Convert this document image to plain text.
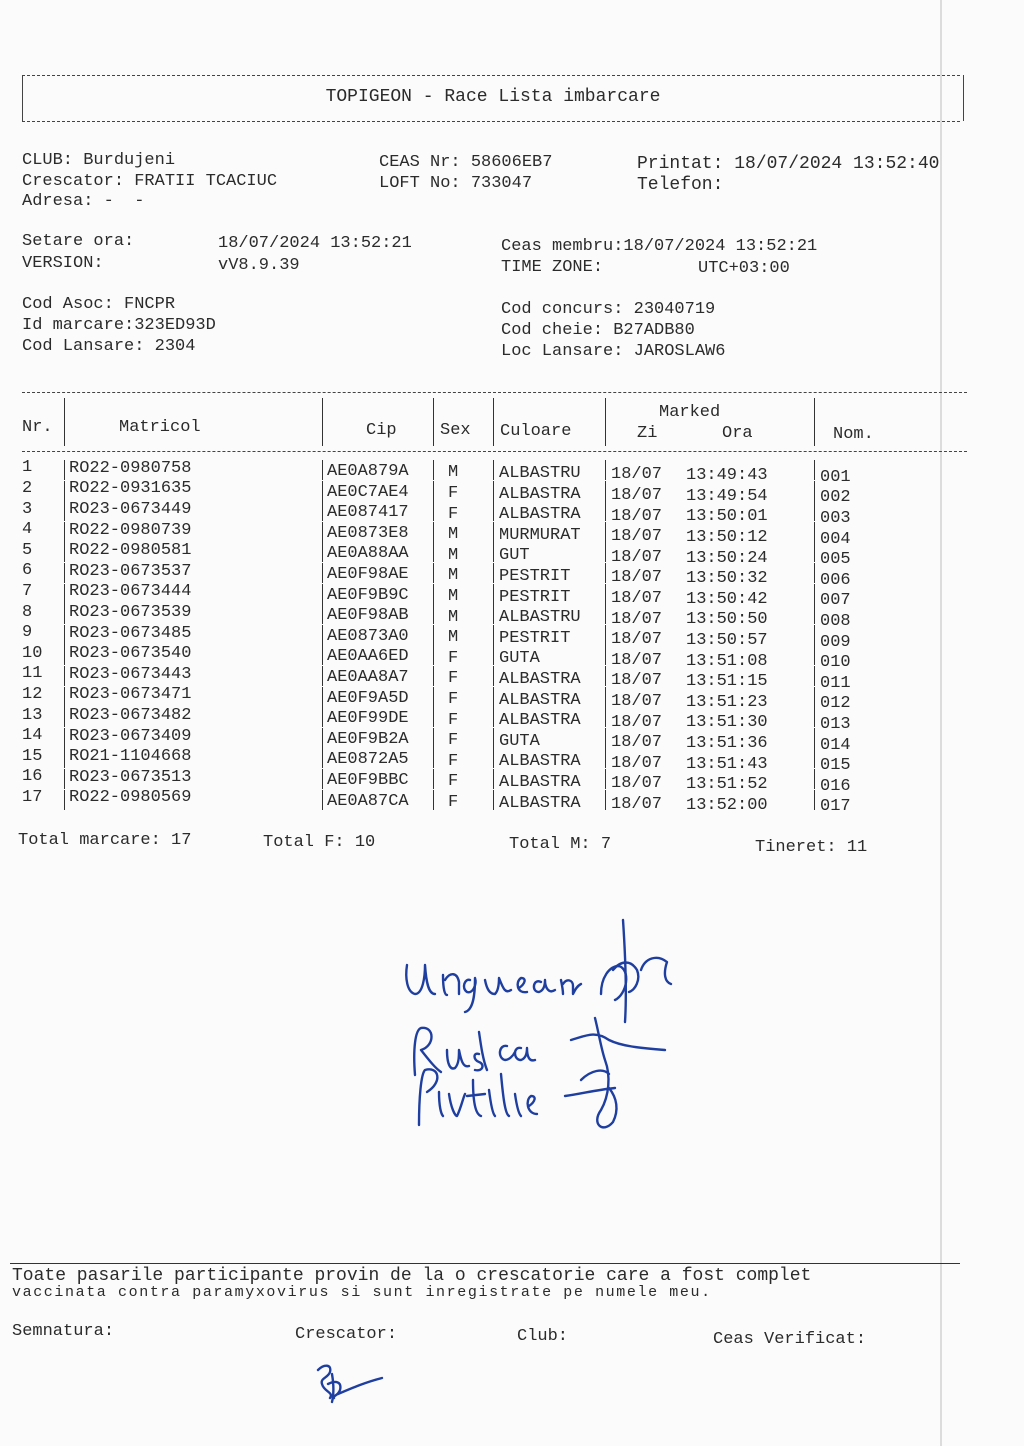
TOPIGEON - Race Lista imbarcare
CLUB: Burdujeni
Crescator: FRATII TCACIUC
Adresa: -  -
CEAS Nr: 58606EB7
LOFT No: 733047
Printat: 18/07/2024 13:52:40
Telefon:
Setare ora:	18/07/2024 13:52:21
VERSION:	vV8.9.39
Ceas membru:18/07/2024 13:52:21
TIME ZONE:	UTC+03:00
Cod Asoc: FNCPR
Id marcare:323ED93D
Cod Lansare: 2304
Cod concurs: 23040719
Cod cheie: B27ADB80
Loc Lansare: JAROSLAW6
Nr.	Matricol	Cip	Sex Culoare
Marked
Zi	Ora	Nom.
1 RO22-0980758	AE0A879A M ALBASTRU 18/07 13:49:43	001
2 RO22-0931635	AE0C7AE4 F ALBASTRA 18/07 13:49:54	002
3 RO23-0673449	AE087417 F ALBASTRA 18/07 13:50:01	003
4 RO22-0980739	AE0873E8 M MURMURAT 18/07 13:50:12	004
5 RO22-0980581	AE0A88AA M GUT	18/07 13:50:24	005
6 RO23-0673537	AE0F98AE M PESTRIT 18/07 13:50:32	006
7 RO23-0673444	AE0F9B9C M PESTRIT 18/07 13:50:42	007
8 RO23-0673539	AE0F98AB M ALBASTRU 18/07 13:50:50	008
9 RO23-0673485	AE0873A0 M PESTRIT 18/07 13:50:57	009
10 RO23-0673540	AE0AA6ED F GUTA	18/07 13:51:08	010
11 RO23-0673443	AE0AA8A7 F ALBASTRA 18/07 13:51:15	011
12 RO23-0673471	AE0F9A5D F ALBASTRA 18/07 13:51:23	012
13 RO23-0673482	AE0F99DE F ALBASTRA 18/07 13:51:30	013
14 RO23-0673409	AE0F9B2A F GUTA	18/07 13:51:36	014
15 RO21-1104668	AE0872A5 F ALBASTRA 18/07 13:51:43	015
16 RO23-0673513	AE0F9BBC F ALBASTRA 18/07 13:51:52	016
17 RO22-0980569	AE0A87CA F ALBASTRA 18/07 13:52:00	017
Total marcare: 17	Total F: 10	Total M: 7	Tineret: 11
Toate pasarile participante provin de la o crescatorie care a fost complet
vaccinata contra paramyxovirus si sunt inregistrate pe numele meu.
Semnatura:	Crescator:	Club:	Ceas Verificat:
